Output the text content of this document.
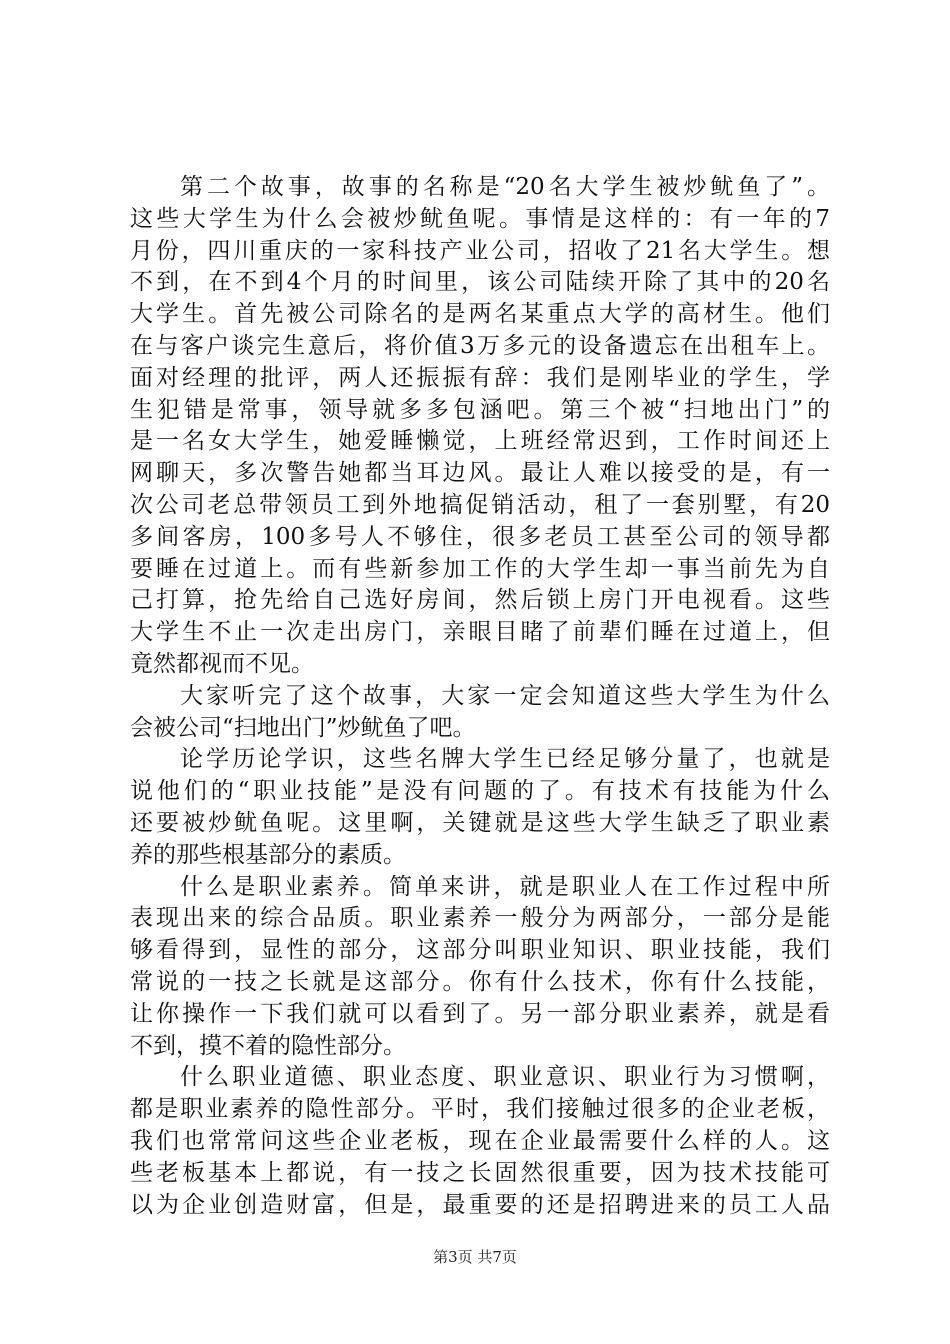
第二个故事，故事的名称是“20名大学生被炒鱿鱼了”。
这些大学生为什么会被炒鱿鱼呢。事情是这样的：有一年的7
月份，四川重庆的一家科技产业公司，招收了21名大学生。想
不到，在不到4个月的时间里，该公司陆续开除了其中的20名
大学生。首先被公司除名的是两名某重点大学的高材生。他们
在与客户谈完生意后，将价值3万多元的设备遗忘在出租车上。
面对经理的批评，两人还振振有辞：我们是刚毕业的学生，学
生犯错是常事，领导就多多包涵吧。第三个被“扫地出门”的
是一名女大学生，她爱睡懒觉，上班经常迟到，工作时间还上
网聊天，多次警告她都当耳边风。最让人难以接受的是，有一
次公司老总带领员工到外地搞促销活动，租了一套别墅，有20
多间客房，100多号人不够住，很多老员工甚至公司的领导都
要睡在过道上。而有些新参加工作的大学生却一事当前先为自
己打算，抢先给自己选好房间，然后锁上房门开电视看。这些
大学生不止一次走出房门，亲眼目睹了前辈们睡在过道上，但
竟然都视而不见。
大家听完了这个故事，大家一定会知道这些大学生为什么
会被公司“扫地出门”炒鱿鱼了吧。
论学历论学识，这些名牌大学生已经足够分量了，也就是
说他们的“职业技能”是没有问题的了。有技术有技能为什么
还要被炒鱿鱼呢。这里啊，关键就是这些大学生缺乏了职业素
养的那些根基部分的素质。
什么是职业素养。简单来讲，就是职业人在工作过程中所
表现出来的综合品质。职业素养一般分为两部分，一部分是能
够看得到，显性的部分，这部分叫职业知识、职业技能，我们
常说的一技之长就是这部分。你有什么技术，你有什么技能，
让你操作一下我们就可以看到了。另一部分职业素养，就是看
不到，摸不着的隐性部分。
什么职业道德、职业态度、职业意识、职业行为习惯啊，
都是职业素养的隐性部分。平时，我们接触过很多的企业老板，
我们也常常问这些企业老板，现在企业最需要什么样的人。这
些老板基本上都说，有一技之长固然很重要，因为技术技能可
以为企业创造财富，但是，最重要的还是招聘进来的员工人品
第3页 共7页
